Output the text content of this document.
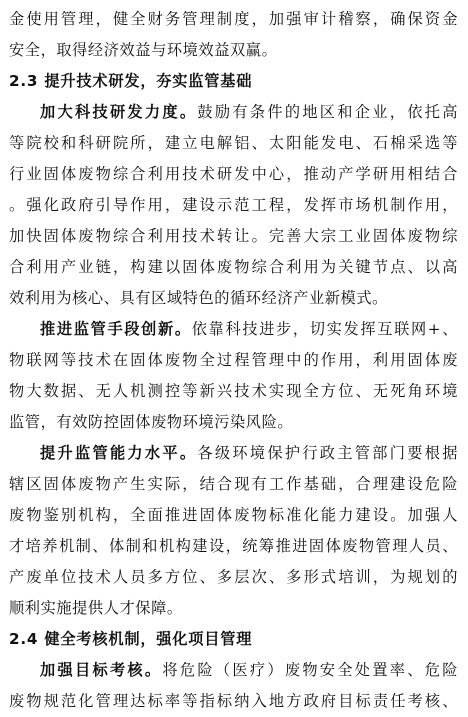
金使用管理，健全财务管理制度，加强审计稽察，确保资金
安全，取得经济效益与环境效益双赢。
2.3 提升技术研发，夯实监管基础
加大科技研发力度。鼓励有条件的地区和企业，依托高
等院校和科研院所，建立电解铝、太阳能发电、石棉采选等
行业固体废物综合利用技术研发中心，推动产学研用相结合
。强化政府引导作用，建设示范工程，发挥市场机制作用，
加快固体废物综合利用技术转让。完善大宗工业固体废物综
合利用产业链，构建以固体废物综合利用为关键节点、以高
效利用为核心、具有区域特色的循环经济产业新模式。
推进监管手段创新。依靠科技进步，切实发挥互联网+、
物联网等技术在固体废物全过程管理中的作用，利用固体废
物大数据、无人机测控等新兴技术实现全方位、无死角环境
监管，有效防控固体废物环境污染风险。
提升监管能力水平。各级环境保护行政主管部门要根据
辖区固体废物产生实际，结合现有工作基础，合理建设危险
废物鉴别机构，全面推进固体废物标准化能力建设。加强人
才培养机制、体制和机构建设，统筹推进固体废物管理人员、
产废单位技术人员多方位、多层次、多形式培训，为规划的
顺利实施提供人才保障。
2.4 健全考核机制，强化项目管理
加强目标考核。将危险（医疗）废物安全处置率、危险
废物规范化管理达标率等指标纳入地方政府目标责任考核、
